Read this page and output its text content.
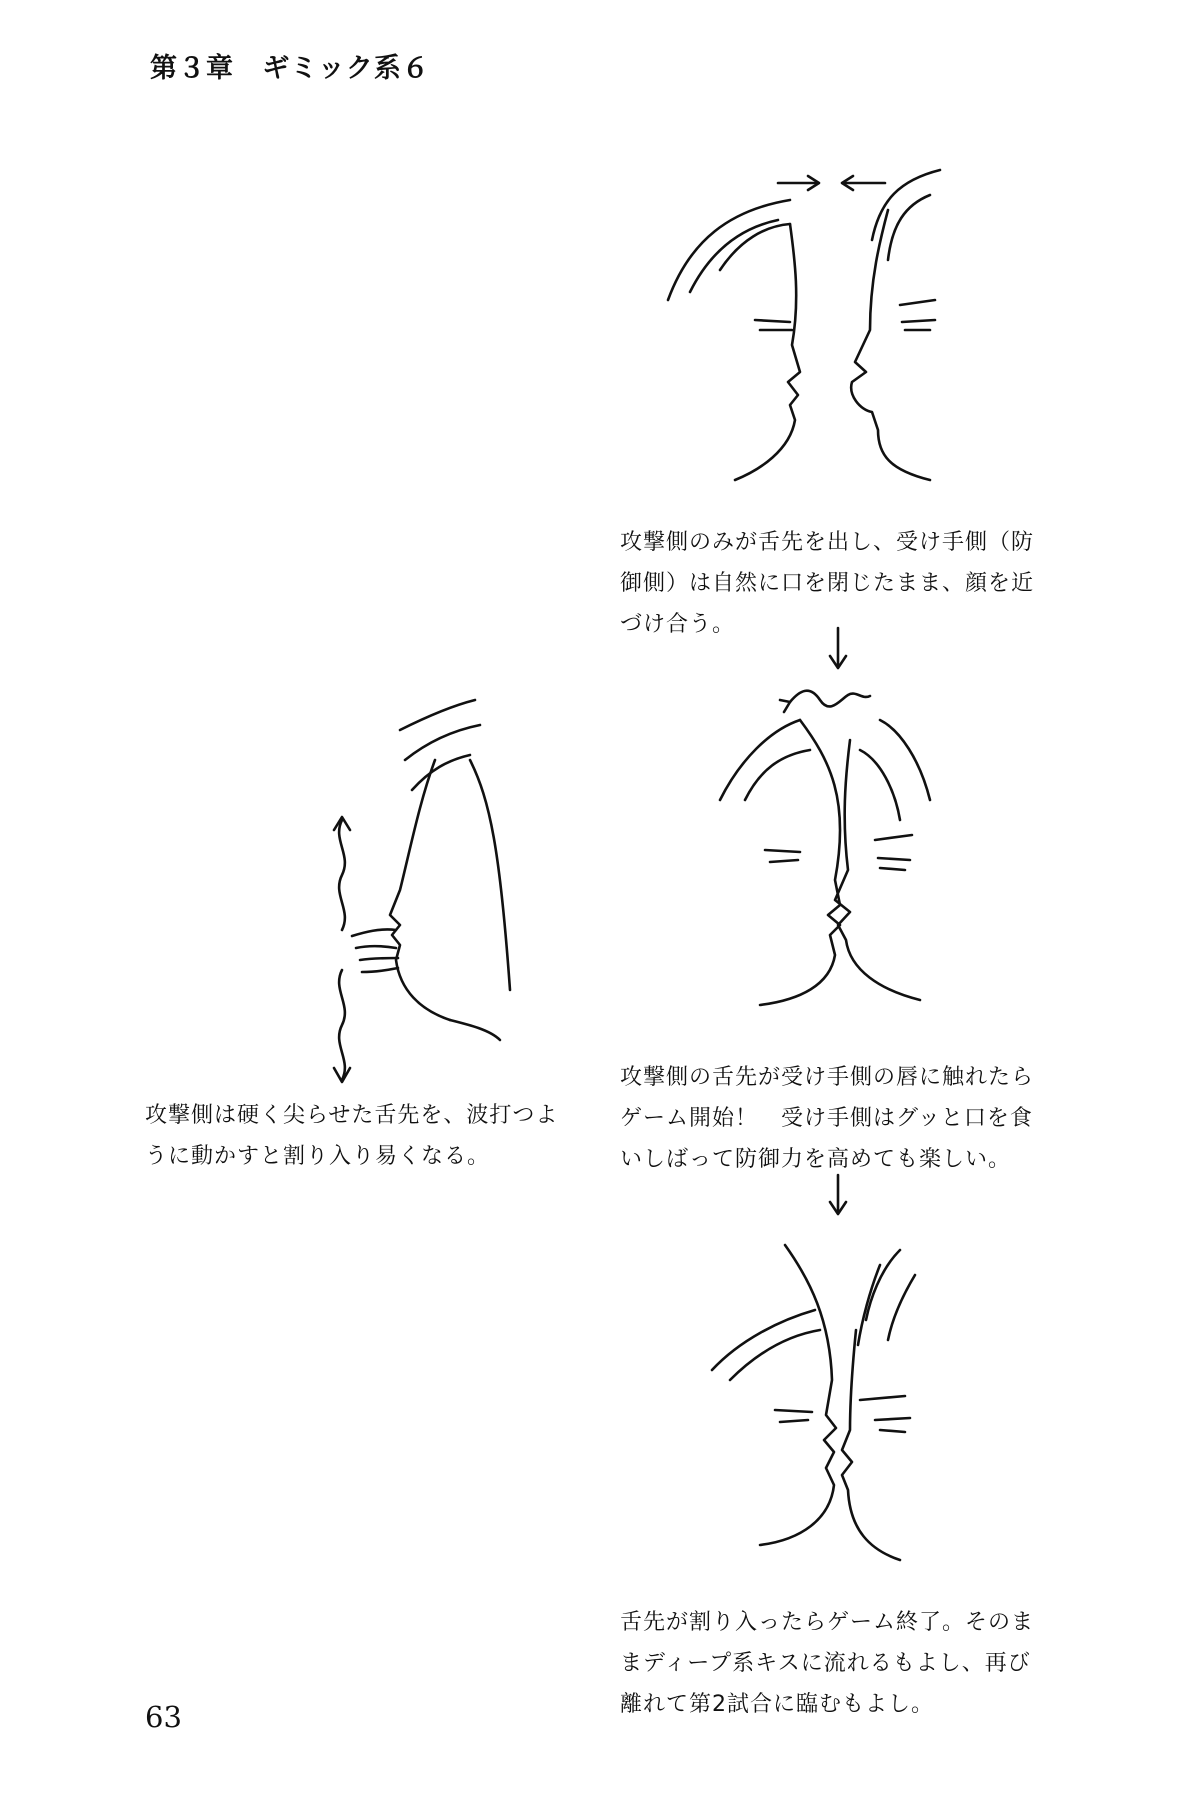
第３章 ギミック系６
攻撃側のみが舌先を出し、受け手側（防
御側）は自然に口を閉じたまま、顔を近
づけ合う。
攻撃側の舌先が受け手側の唇に触れたら
ゲーム開始！　受け手側はグッと口を食
いしばって防御力を高めても楽しい。
攻撃側は硬く尖らせた舌先を、波打つよ
うに動かすと割り入り易くなる。
舌先が割り入ったらゲーム終了。そのま
まディープ系キスに流れるもよし、再び
離れて第2試合に臨むもよし。
63
